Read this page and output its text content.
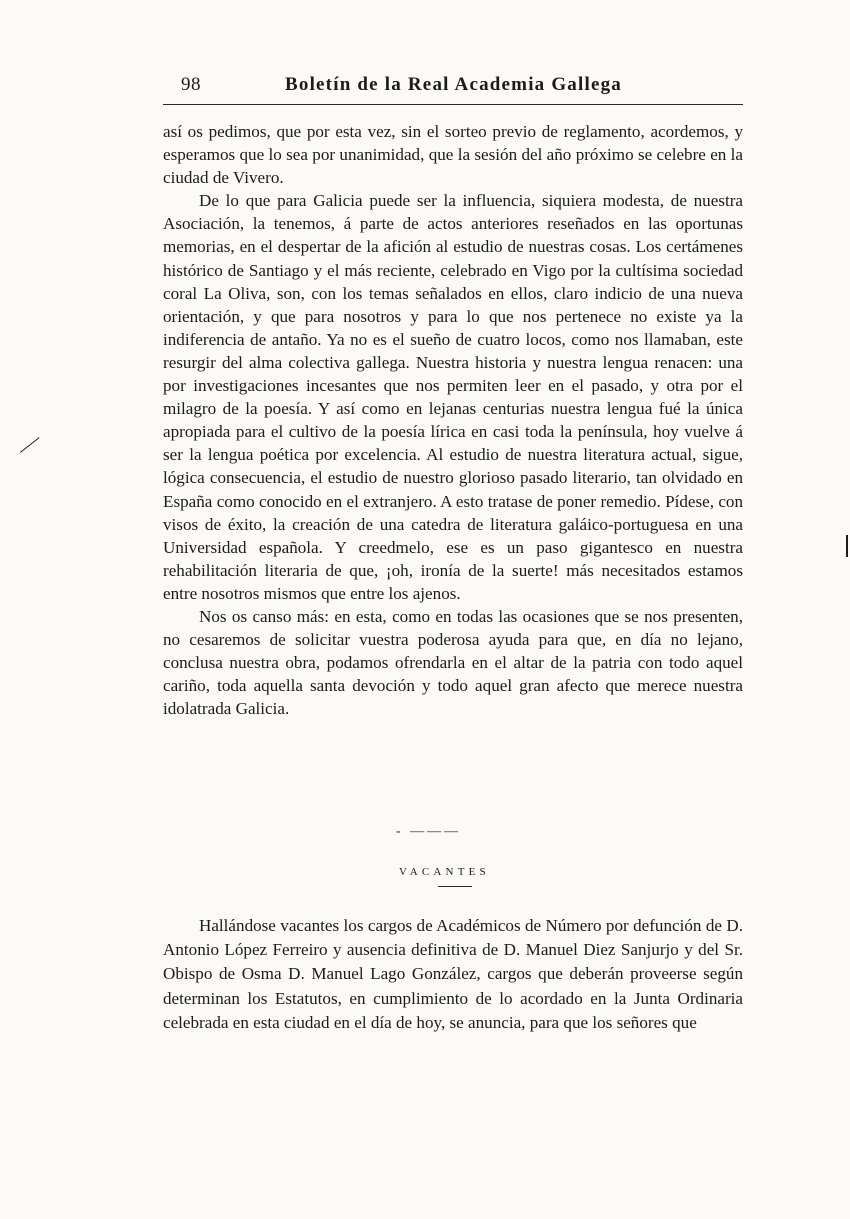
98	Boletín de la Real Academia Gallega

así os pedimos, que por esta vez, sin el sorteo previo de reglamento, acordemos, y esperamos que lo sea por unanimidad, que la sesión del año próximo se celebre en la ciudad de Vivero.

De lo que para Galicia puede ser la influencia, siquiera modesta, de nuestra Asociación, la tenemos, á parte de actos anteriores reseñados en las oportunas memorias, en el despertar de la afición al estudio de nuestras cosas. Los certámenes histórico de Santiago y el más reciente, celebrado en Vigo por la cultísima sociedad coral La Oliva, son, con los temas señalados en ellos, claro indicio de una nueva orientación, y que para nosotros y para lo que nos pertenece no existe ya la indiferencia de antaño. Ya no es el sueño de cuatro locos, como nos llamaban, este resurgir del alma colectiva gallega. Nuestra historia y nuestra lengua renacen: una por investigaciones incesantes que nos permiten leer en el pasado, y otra por el milagro de la poesía. Y así como en lejanas centurias nuestra lengua fué la única apropiada para el cultivo de la poesía lírica en casi toda la península, hoy vuelve á ser la lengua poética por excelencia. Al estudio de nuestra literatura actual, sigue, lógica consecuencia, el estudio de nuestro glorioso pasado literario, tan olvidado en España como conocido en el extranjero. A esto tratase de poner remedio. Pídese, con visos de éxito, la creación de una catedra de literatura galáico-portuguesa en una Universidad española. Y creedmelo, ese es un paso gigantesco en nuestra rehabilitación literaria de que, ¡oh, ironía de la suerte! más necesitados estamos entre nosotros mismos que entre los ajenos.

Nos os canso más: en esta, como en todas las ocasiones que se nos presenten, no cesaremos de solicitar vuestra poderosa ayuda para que, en día no lejano, conclusa nuestra obra, podamos ofrendarla en el altar de la patria con todo aquel cariño, toda aquella santa devoción y todo aquel gran afecto que merece nuestra idolatrada Galicia.

- ———
VACANTES

Hallándose vacantes los cargos de Académicos de Número por defunción de D. Antonio López Ferreiro y ausencia definitiva de D. Manuel Diez Sanjurjo y del Sr. Obispo de Osma D. Manuel Lago González, cargos que deberán proveerse según determinan los Estatutos, en cumplimiento de lo acordado en la Junta Ordinaria celebrada en esta ciudad en el día de hoy, se anuncia, para que los señores que
